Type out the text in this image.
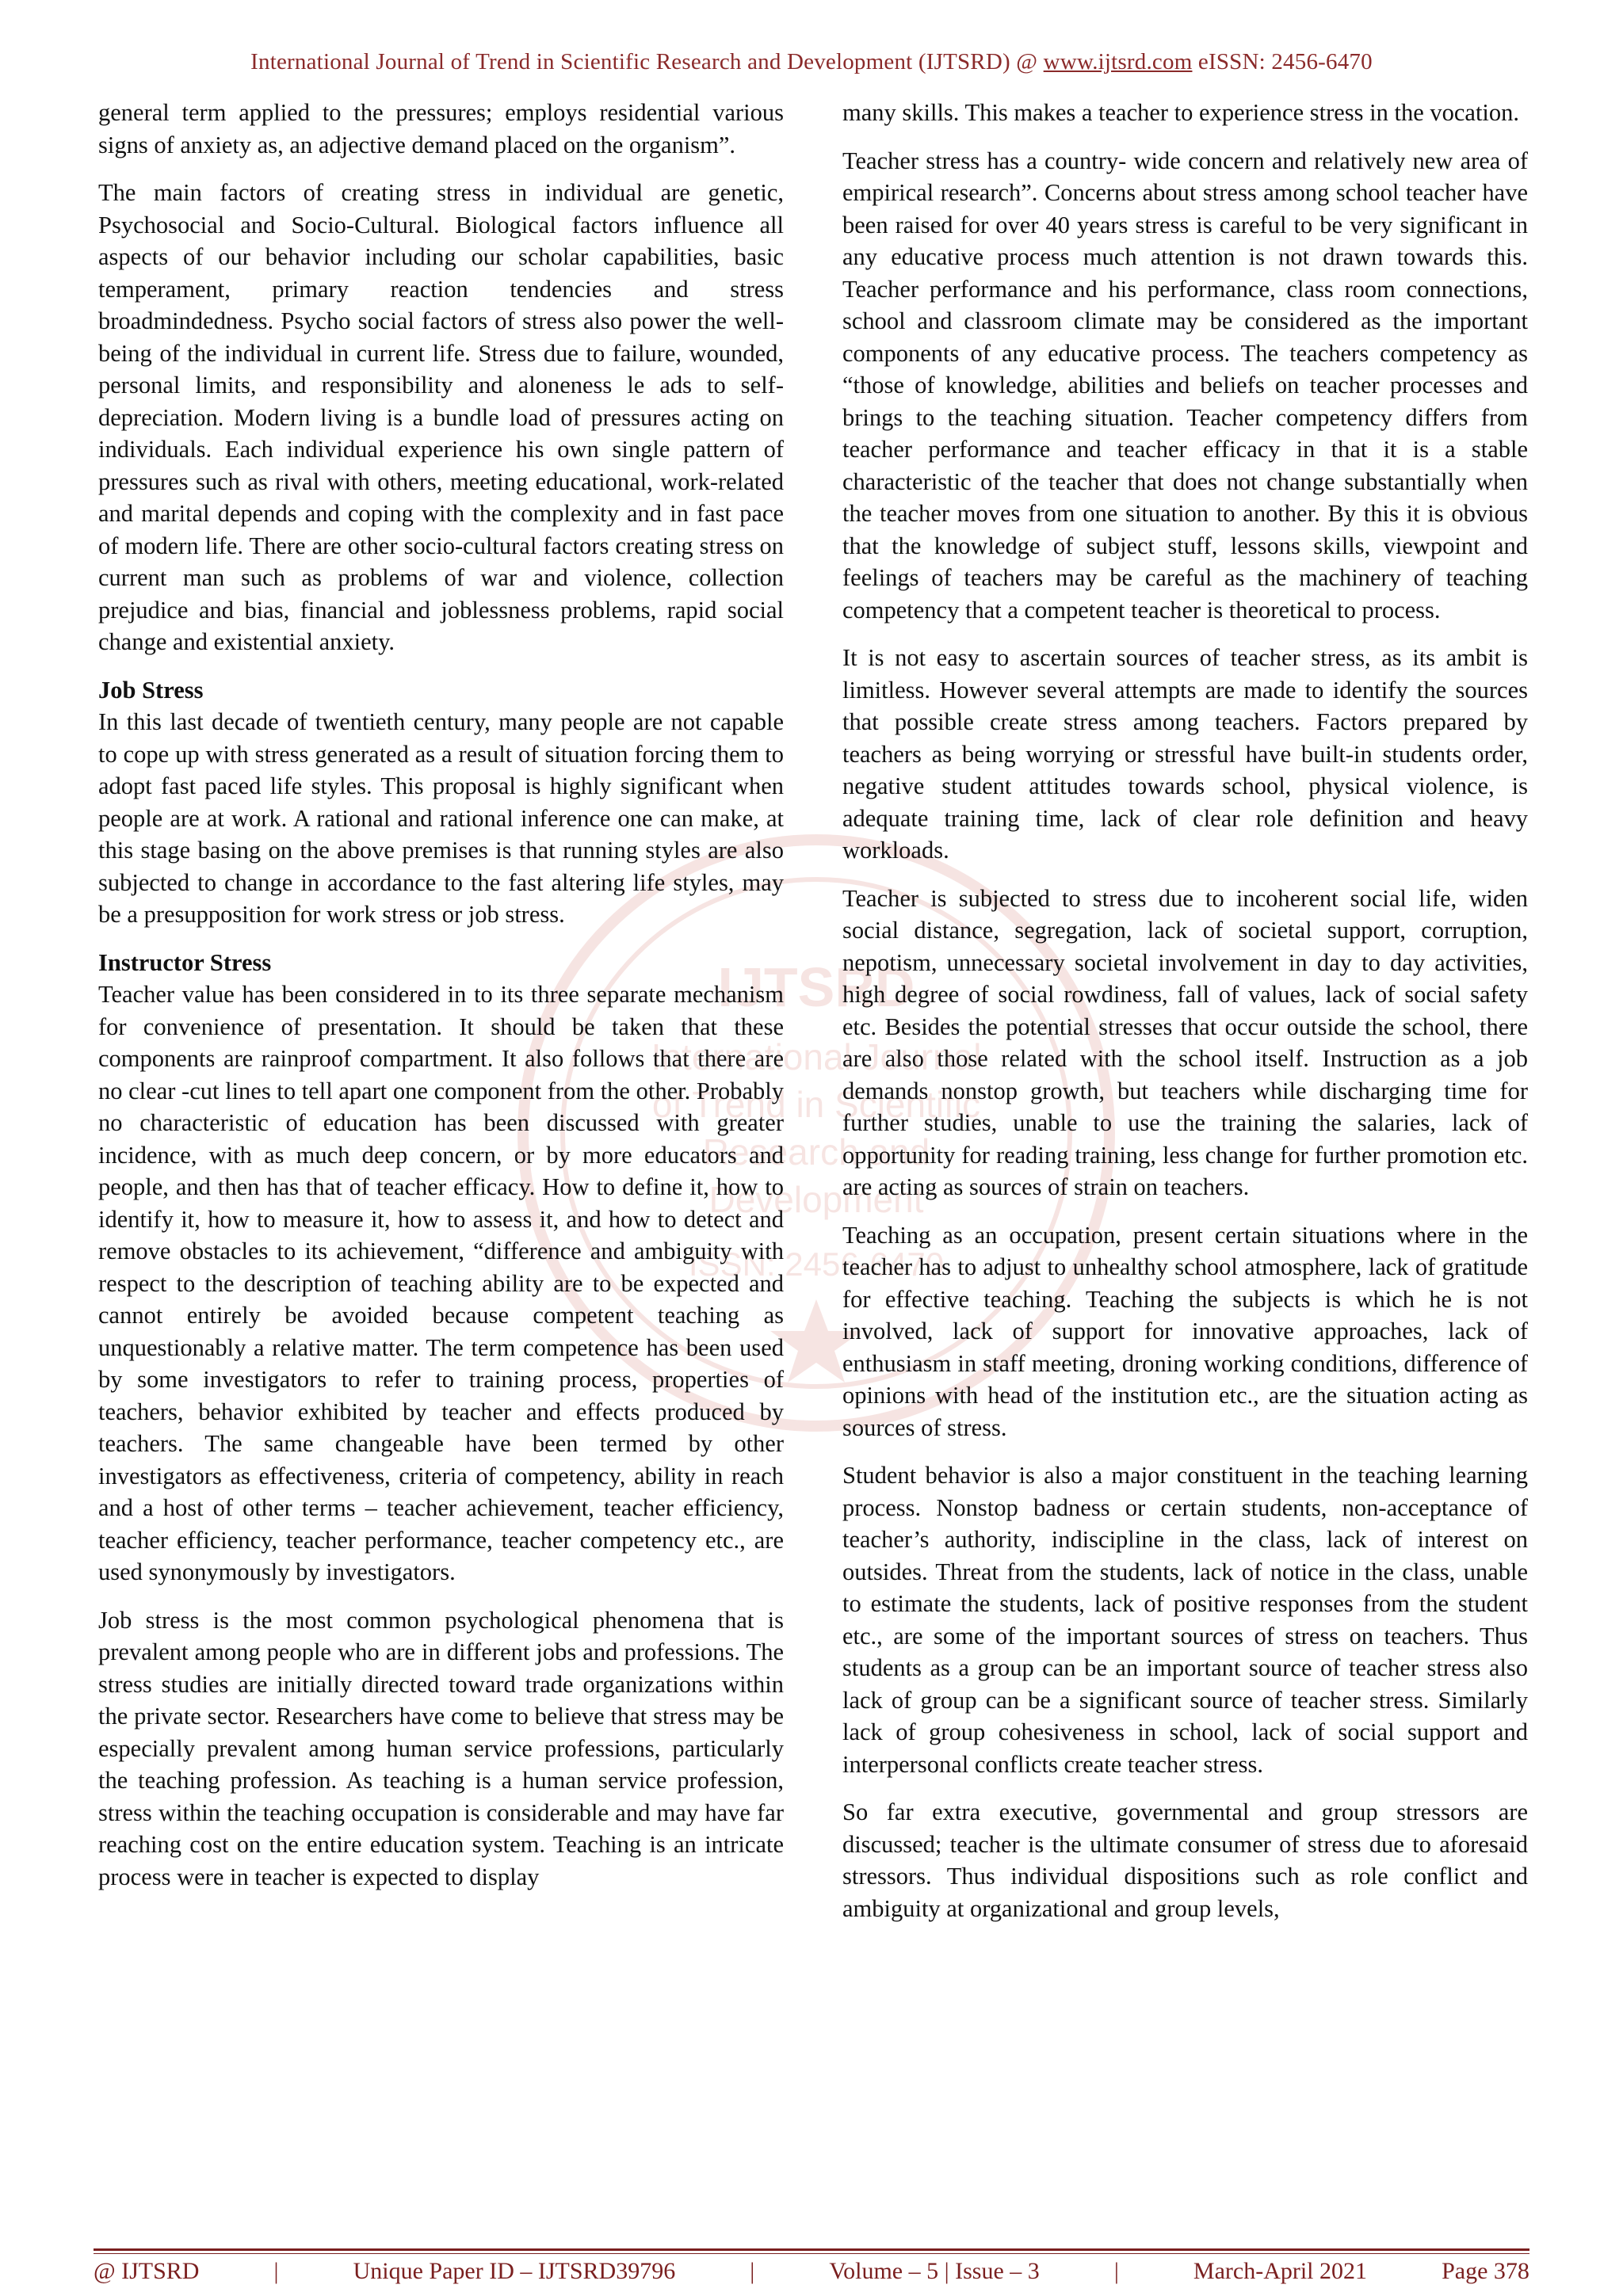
International Journal of Trend in Scientific Research and Development (IJTSRD) @ www.ijtsrd.com eISSN: 2456-6470
IJTSRD
International Journal
of Trend in Scientific
Research and
Development
ISSN: 2456-6470

general term applied to the pressures; employs residential various signs of anxiety as, an adjective demand placed on the organism”.

The main factors of creating stress in individual are genetic, Psychosocial and Socio-Cultural. Biological factors influence all aspects of our behavior including our scholar capabilities, basic temperament, primary reaction tendencies and stress broadmindedness. Psycho social factors of stress also power the well-being of the individual in current life. Stress due to failure, wounded, personal limits, and responsibility and aloneness le ads to self-depreciation. Modern living is a bundle load of pressures acting on individuals. Each individual experience his own single pattern of pressures such as rival with others, meeting educational, work-related and marital depends and coping with the complexity and in fast pace of modern life. There are other socio-cultural factors creating stress on current man such as problems of war and violence, collection prejudice and bias, financial and joblessness problems, rapid social change and existential anxiety.

Job Stress

In this last decade of twentieth century, many people are not capable to cope up with stress generated as a result of situation forcing them to adopt fast paced life styles. This proposal is highly significant when people are at work. A rational and rational inference one can make, at this stage basing on the above premises is that running styles are also subjected to change in accordance to the fast altering life styles, may be a presupposition for work stress or job stress.

Instructor Stress

Teacher value has been considered in to its three separate mechanism for convenience of presentation. It should be taken that these components are rainproof compartment. It also follows that there are no clear -cut lines to tell apart one component from the other. Probably no characteristic of education has been discussed with greater incidence, with as much deep concern, or by more educators and people, and then has that of teacher efficacy. How to define it, how to identify it, how to measure it, how to assess it, and how to detect and remove obstacles to its achievement, “difference and ambiguity with respect to the description of teaching ability are to be expected and cannot entirely be avoided because competent teaching as unquestionably a relative matter. The term competence has been used by some investigators to refer to training process, properties of teachers, behavior exhibited by teacher and effects produced by teachers. The same changeable have been termed by other investigators as effectiveness, criteria of competency, ability in reach and a host of other terms – teacher achievement, teacher efficiency, teacher efficiency, teacher performance, teacher competency etc., are used synonymously by investigators.

Job stress is the most common psychological phenomena that is prevalent among people who are in different jobs and professions. The stress studies are initially directed toward trade organizations within the private sector. Researchers have come to believe that stress may be especially prevalent among human service professions, particularly the teaching profession. As teaching is a human service profession, stress within the teaching occupation is considerable and may have far reaching cost on the entire education system. Teaching is an intricate process were in teacher is expected to display

many skills. This makes a teacher to experience stress in the vocation.

Teacher stress has a country- wide concern and relatively new area of empirical research”. Concerns about stress among school teacher have been raised for over 40 years stress is careful to be very significant in any educative process much attention is not drawn towards this. Teacher performance and his performance, class room connections, school and classroom climate may be considered as the important components of any educative process. The teachers competency as “those of knowledge, abilities and beliefs on teacher processes and brings to the teaching situation. Teacher competency differs from teacher performance and teacher efficacy in that it is a stable characteristic of the teacher that does not change substantially when the teacher moves from one situation to another. By this it is obvious that the knowledge of subject stuff, lessons skills, viewpoint and feelings of teachers may be careful as the machinery of teaching competency that a competent teacher is theoretical to process.

It is not easy to ascertain sources of teacher stress, as its ambit is limitless. However several attempts are made to identify the sources that possible create stress among teachers. Factors prepared by teachers as being worrying or stressful have built-in students order, negative student attitudes towards school, physical violence, is adequate training time, lack of clear role definition and heavy workloads.

Teacher is subjected to stress due to incoherent social life, widen social distance, segregation, lack of societal support, corruption, nepotism, unnecessary societal involvement in day to day activities, high degree of social rowdiness, fall of values, lack of social safety etc. Besides the potential stresses that occur outside the school, there are also those related with the school itself. Instruction as a job demands nonstop growth, but teachers while discharging time for further studies, unable to use the training the salaries, lack of opportunity for reading training, less change for further promotion etc. are acting as sources of strain on teachers.

Teaching as an occupation, present certain situations where in the teacher has to adjust to unhealthy school atmosphere, lack of gratitude for effective teaching. Teaching the subjects is which he is not involved, lack of support for innovative approaches, lack of enthusiasm in staff meeting, droning working conditions, difference of opinions with head of the institution etc., are the situation acting as sources of stress.

Student behavior is also a major constituent in the teaching learning process. Nonstop badness or certain students, non-acceptance of teacher’s authority, indiscipline in the class, lack of interest on outsides. Threat from the students, lack of notice in the class, unable to estimate the students, lack of positive responses from the student etc., are some of the important sources of stress on teachers. Thus students as a group can be an important source of teacher stress also lack of group can be a significant source of teacher stress. Similarly lack of group cohesiveness in school, lack of social support and interpersonal conflicts create teacher stress.

So far extra executive, governmental and group stressors are discussed; teacher is the ultimate consumer of stress due to aforesaid stressors. Thus individual dispositions such as role conflict and ambiguity at organizational and group levels,

@ IJTSRD	|	Unique Paper ID – IJTSRD39796	|	Volume – 5 | Issue – 3	|	March-April 2021	Page 378
